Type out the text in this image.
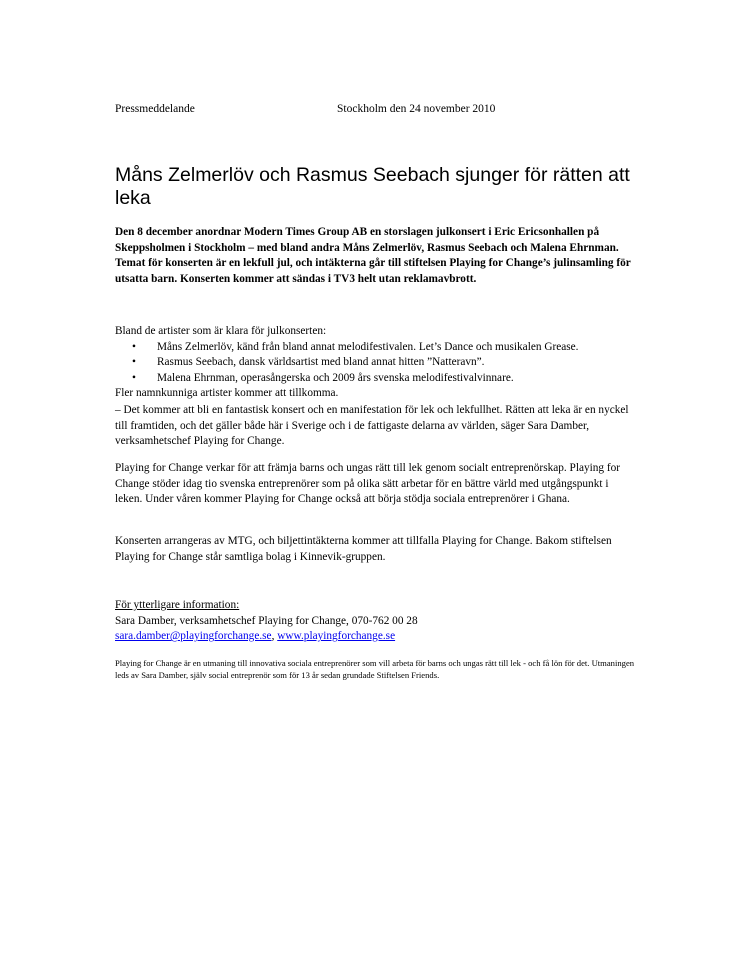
Pressmeddelande	Stockholm den 24 november 2010
Måns Zelmerlöv och Rasmus Seebach sjunger för rätten att leka

Den 8 december anordnar Modern Times Group AB en storslagen julkonsert i Eric Ericsonhallen på Skeppsholmen i Stockholm – med bland andra Måns Zelmerlöv, Rasmus Seebach och Malena Ehrnman. Temat för konserten är en lekfull jul, och intäkterna går till stiftelsen Playing for Change’s julinsamling för utsatta barn. Konserten kommer att sändas i TV3 helt utan reklamavbrott.

Bland de artister som är klara för julkonserten:
• Måns Zelmerlöv, känd från bland annat melodifestivalen. Let’s Dance och musikalen Grease.
• Rasmus Seebach, dansk världsartist med bland annat hitten ”Natteravn”.
• Malena Ehrnman, operasångerska och 2009 års svenska melodifestivalvinnare.
Fler namnkunniga artister kommer att tillkomma.

– Det kommer att bli en fantastisk konsert och en manifestation för lek och lekfullhet. Rätten att leka är en nyckel till framtiden, och det gäller både här i Sverige och i de fattigaste delarna av världen, säger Sara Damber, verksamhetschef Playing for Change.

Playing for Change verkar för att främja barns och ungas rätt till lek genom socialt entreprenörskap. Playing for Change stöder idag tio svenska entreprenörer som på olika sätt arbetar för en bättre värld med utgångspunkt i leken. Under våren kommer Playing for Change också att börja stödja sociala entreprenörer i Ghana.

Konserten arrangeras av MTG, och biljettintäkterna kommer att tillfalla Playing for Change. Bakom stiftelsen Playing for Change står samtliga bolag i Kinnevik-gruppen.

För ytterligare information:
Sara Damber, verksamhetschef Playing for Change, 070-762 00 28
sara.damber@playingforchange.se, www.playingforchange.se

Playing for Change är en utmaning till innovativa sociala entreprenörer som vill arbeta för barns och ungas rätt till lek - och få lön för det. Utmaningen leds av Sara Damber, själv social entreprenör som för 13 år sedan grundade Stiftelsen Friends.
